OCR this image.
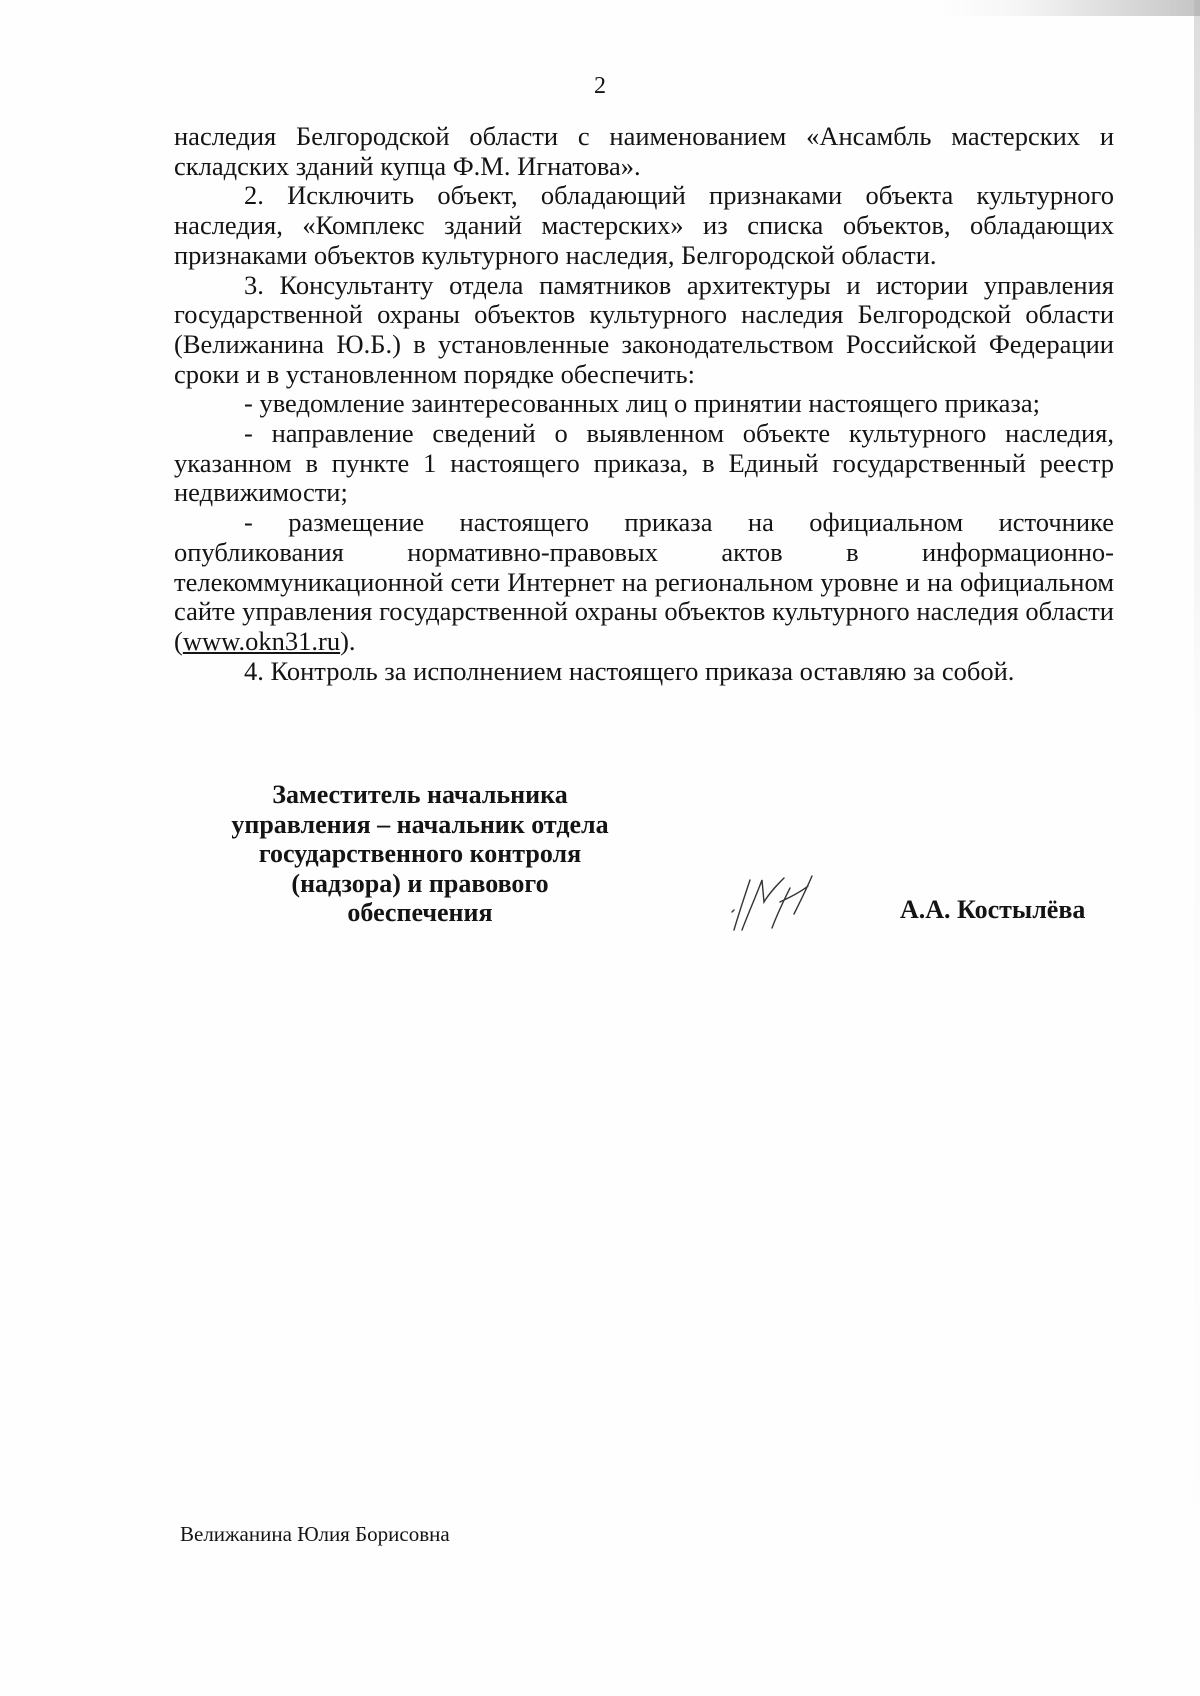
2

наследия Белгородской области с наименованием «Ансамбль мастерских и складских зданий купца Ф.М. Игнатова».

2. Исключить объект, обладающий признаками объекта культурного наследия, «Комплекс зданий мастерских» из списка объектов, обладающих признаками объектов культурного наследия, Белгородской области.

3. Консультанту отдела памятников архитектуры и истории управления государственной охраны объектов культурного наследия Белгородской области (Велижанина Ю.Б.) в установленные законодательством Российской Федерации сроки и в установленном порядке обеспечить:

- уведомление заинтересованных лиц о принятии настоящего приказа;

- направление сведений о выявленном объекте культурного наследия, указанном в пункте 1 настоящего приказа, в Единый государственный реестр недвижимости;

- размещение настоящего приказа на официальном источнике опубликования нормативно-правовых актов в информационно-телекоммуникационной сети Интернет на региональном уровне и на официальном сайте управления государственной охраны объектов культурного наследия области (www.okn31.ru).

4. Контроль за исполнением настоящего приказа оставляю за собой.

Заместитель начальника
управления – начальник отдела
государственного контроля
(надзора) и правового
обеспечения	А.А. Костылёва
Велижанина Юлия Борисовна
